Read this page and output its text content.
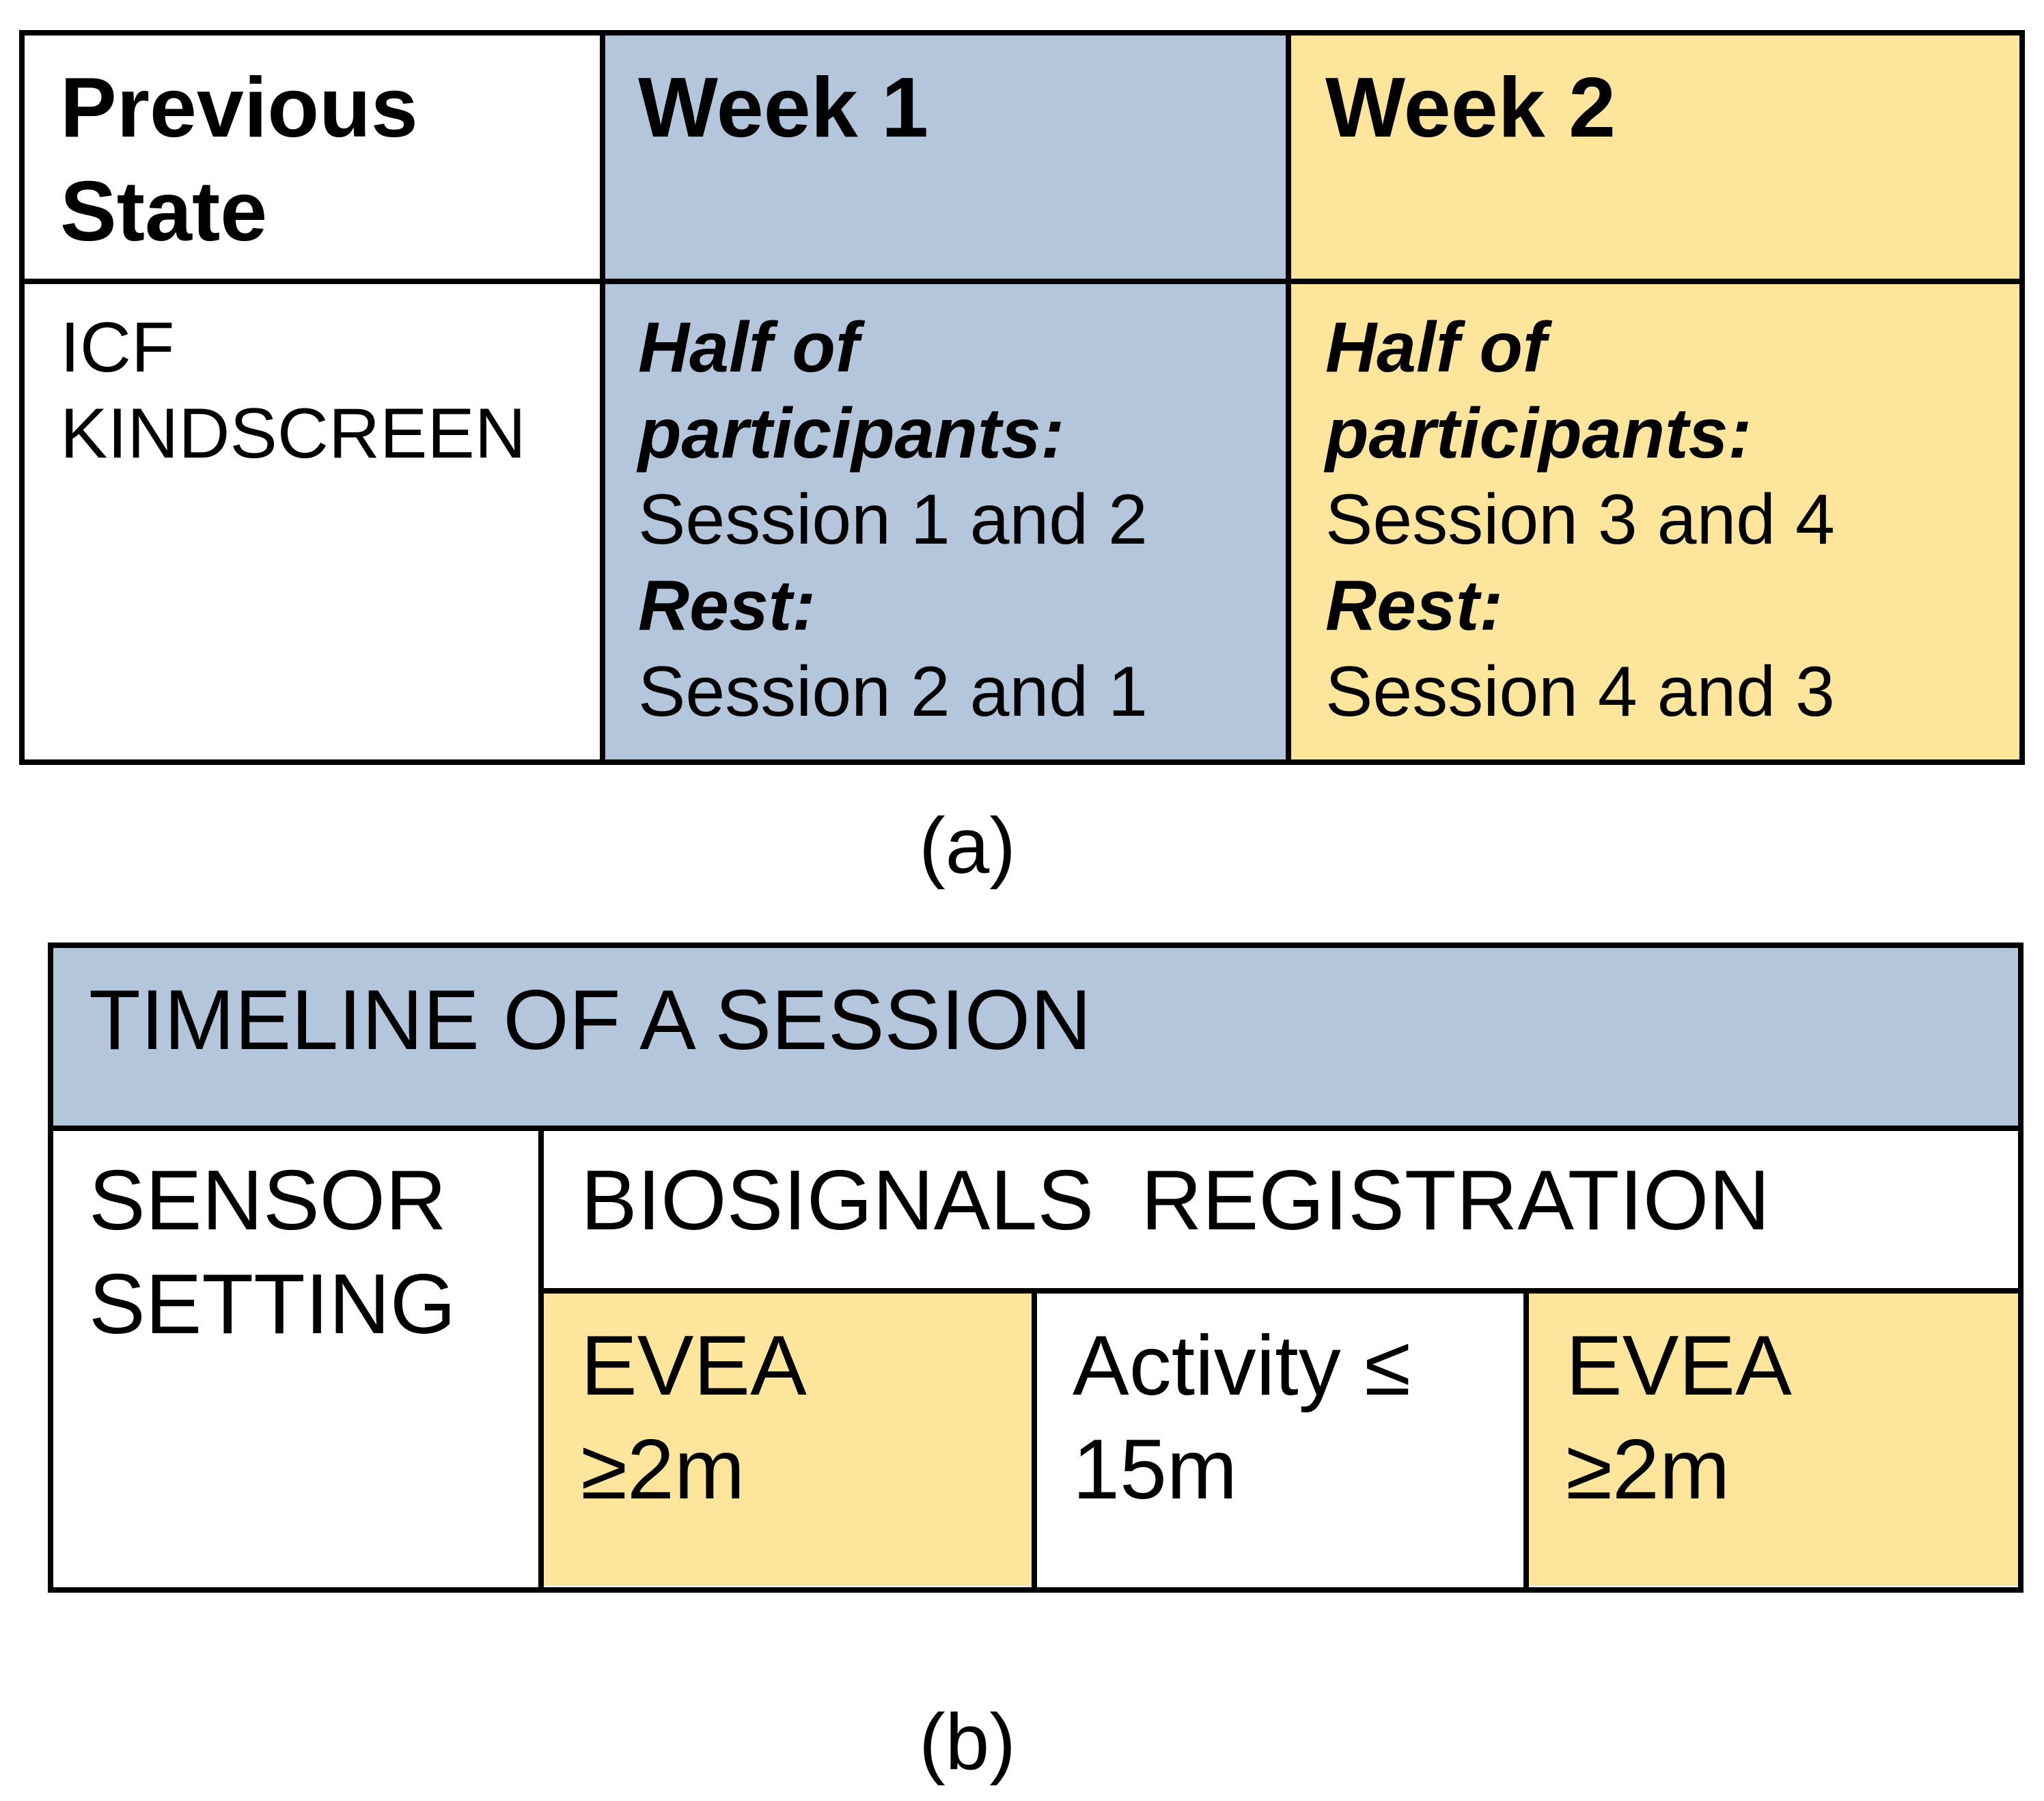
Previous
State
Week 1	Week 2
ICF
KINDSCREEN
Half of
participants:
Session 1 and 2
Rest:
Session 2 and 1
Half of
participants:
Session 3 and 4
Rest:
Session 4 and 3
(a)
TIMELINE OF A SESSION
SENSOR
SETTING
BIOSIGNALS  REGISTRATION
EVEA
≥2m
Activity ≤
15m
EVEA
≥2m
(b)
